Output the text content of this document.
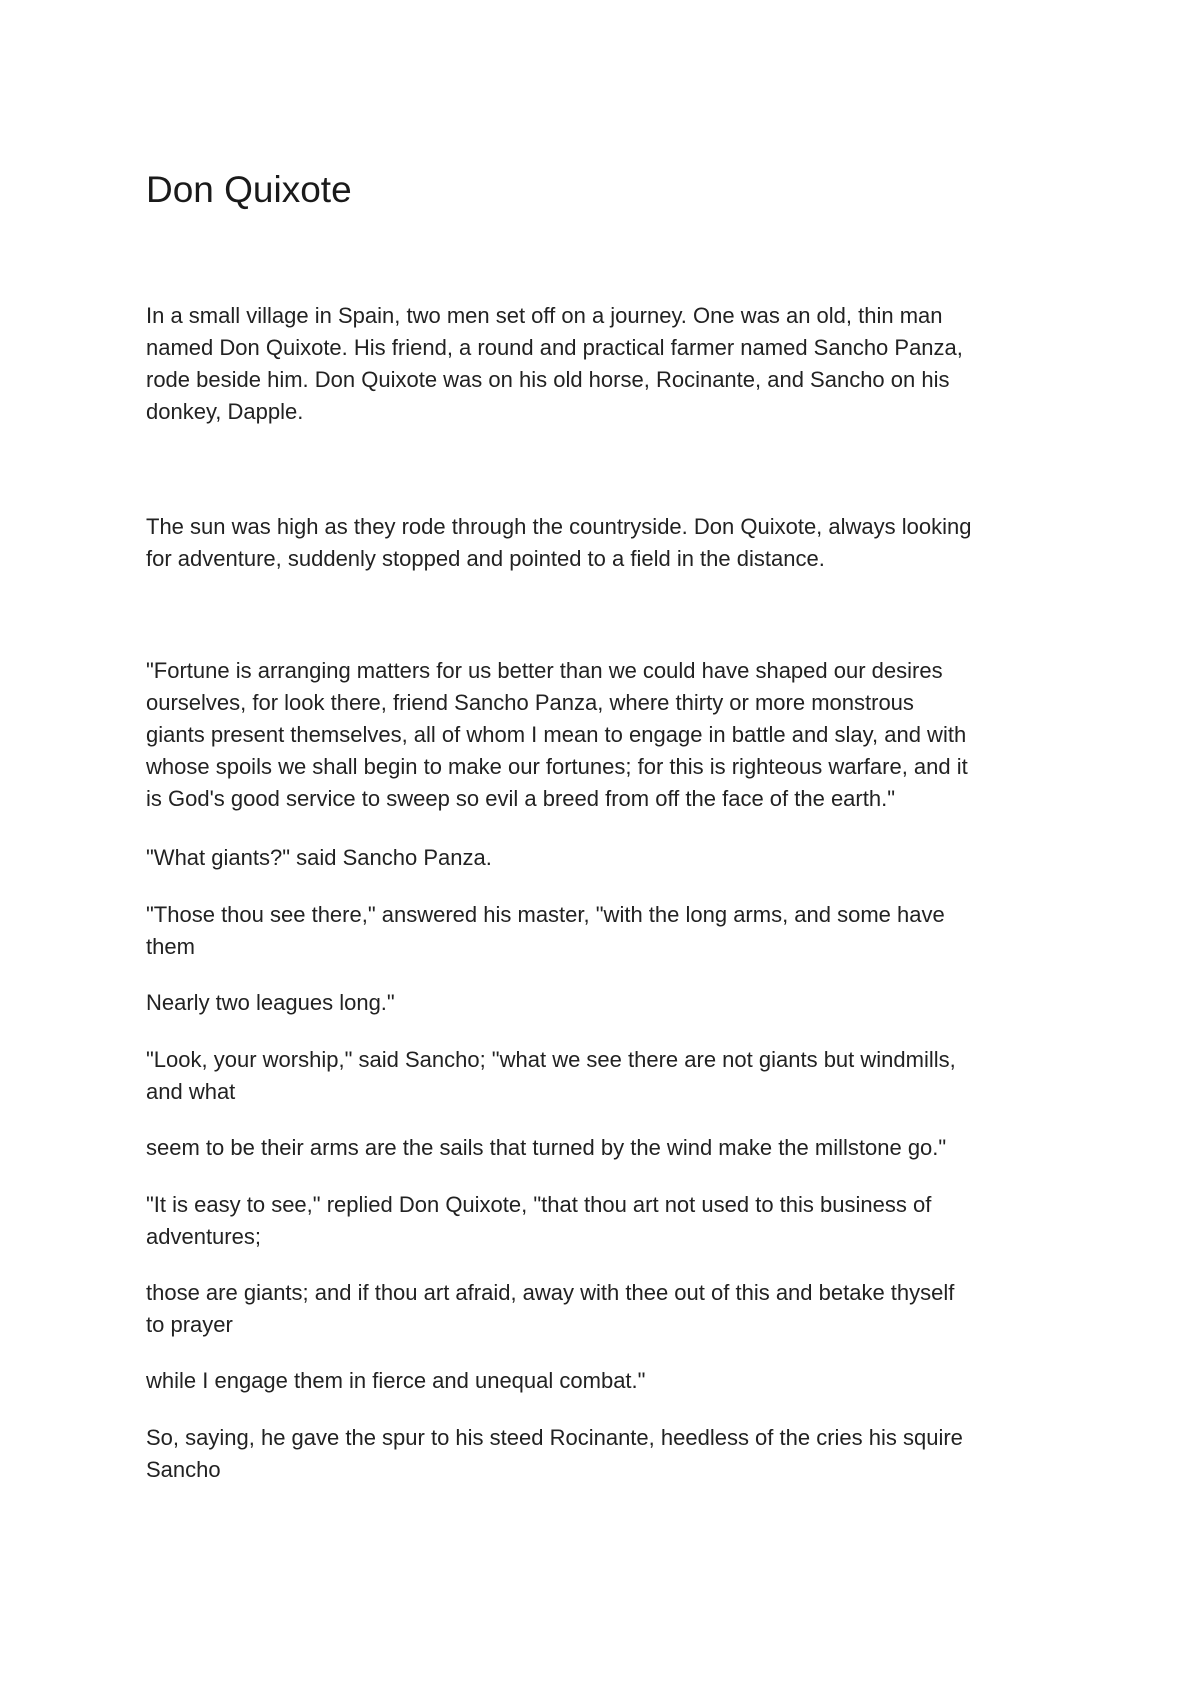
Don Quixote

In a small village in Spain, two men set off on a journey. One was an old, thin man
named Don Quixote. His friend, a round and practical farmer named Sancho Panza,
rode beside him. Don Quixote was on his old horse, Rocinante, and Sancho on his
donkey, Dapple.

The sun was high as they rode through the countryside. Don Quixote, always looking
for adventure, suddenly stopped and pointed to a field in the distance.

"Fortune is arranging matters for us better than we could have shaped our desires
ourselves, for look there, friend Sancho Panza, where thirty or more monstrous
giants present themselves, all of whom I mean to engage in battle and slay, and with
whose spoils we shall begin to make our fortunes; for this is righteous warfare, and it
is God's good service to sweep so evil a breed from off the face of the earth."

"What giants?" said Sancho Panza.

"Those thou see there," answered his master, "with the long arms, and some have
them

Nearly two leagues long."

"Look, your worship," said Sancho; "what we see there are not giants but windmills,
and what

seem to be their arms are the sails that turned by the wind make the millstone go."

"It is easy to see," replied Don Quixote, "that thou art not used to this business of
adventures;

those are giants; and if thou art afraid, away with thee out of this and betake thyself
to prayer

while I engage them in fierce and unequal combat."

So, saying, he gave the spur to his steed Rocinante, heedless of the cries his squire
Sancho
